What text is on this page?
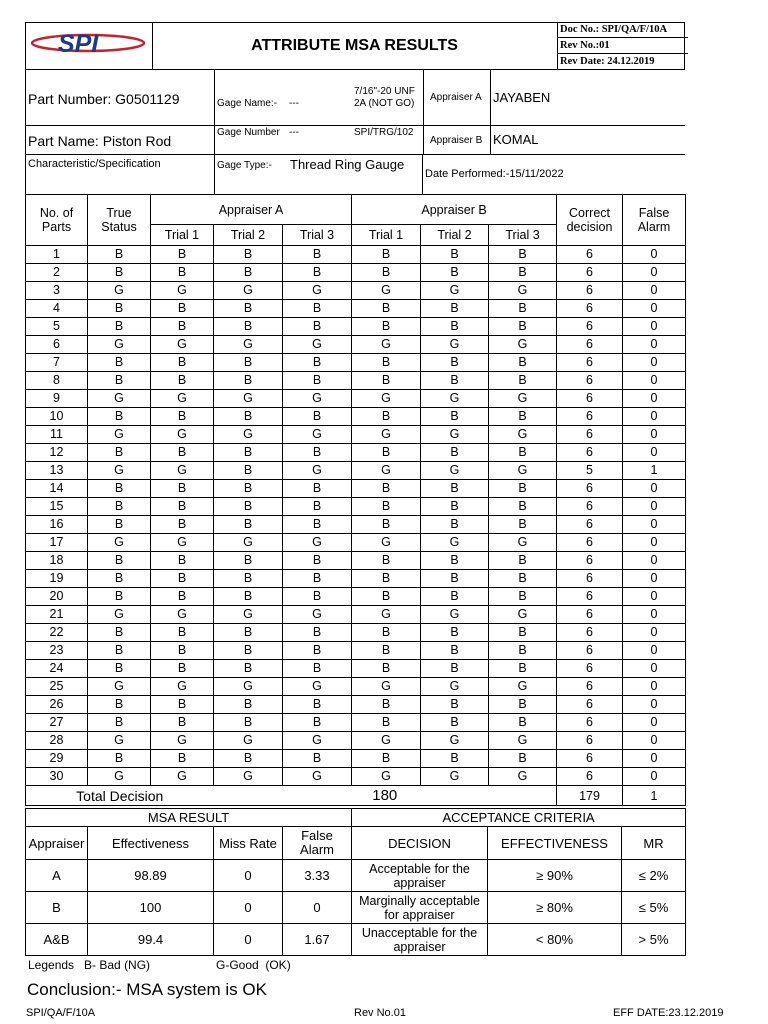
SPI	ATTRIBUTE MSA RESULTS
Doc No.: SPI/QA/F/10A
Rev No.:01
Rev Date: 24.12.2019
Part Number: G0501129	Gage Name:- ---
7/16"-20 UNF
2A (NOT GO)
Appraiser A JAYABEN
Part Name: Piston Rod
Gage Number ---	SPI/TRG/102
Appraiser B KOMAL
Characteristic/Specification	Gage Type:- Thread Ring Gauge
Date Performed:-15/11/2022
No. of Parts	True Status	Appraiser A			Appraiser B			Correct decision	False Alarm
		Trial 1	Trial 2	Trial 3	Trial 1	Trial 2	Trial 3		
1	B	B	B	B	B	B	B	6	0
2	B	B	B	B	B	B	B	6	0
3	G	G	G	G	G	G	G	6	0
4	B	B	B	B	B	B	B	6	0
5	B	B	B	B	B	B	B	6	0
6	G	G	G	G	G	G	G	6	0
7	B	B	B	B	B	B	B	6	0
8	B	B	B	B	B	B	B	6	0
9	G	G	G	G	G	G	G	6	0
10	B	B	B	B	B	B	B	6	0
11	G	G	G	G	G	G	G	6	0
12	B	B	B	B	B	B	B	6	0
13	G	G	B	G	G	G	G	5	1
14	B	B	B	B	B	B	B	6	0
15	B	B	B	B	B	B	B	6	0
16	B	B	B	B	B	B	B	6	0
17	G	G	G	G	G	G	G	6	0
18	B	B	B	B	B	B	B	6	0
19	B	B	B	B	B	B	B	6	0
20	B	B	B	B	B	B	B	6	0
21	G	G	G	G	G	G	G	6	0
22	B	B	B	B	B	B	B	6	0
23	B	B	B	B	B	B	B	6	0
24	B	B	B	B	B	B	B	6	0
25	G	G	G	G	G	G	G	6	0
26	B	B	B	B	B	B	B	6	0
27	B	B	B	B	B	B	B	6	0
28	G	G	G	G	G	G	G	6	0
29	B	B	B	B	B	B	B	6	0
30	G	G	G	G	G	G	G	6	0
Total Decision			180					179	1
MSA RESULT				ACCEPTANCE CRITERIA		
Appraiser	Effectiveness	Miss Rate	False Alarm	DECISION	EFFECTIVENESS	MR
A	98.89	0	3.33	Acceptable for the appraiser	≥ 90%	≤ 2%
B	100	0	0	Marginally acceptable for appraiser	≥ 80%	≤ 5%
A&B	99.4	0	1.67	Unacceptable for the appraiser	< 80%	> 5%
Legends   B- Bad (NG)	G-Good  (OK)
Conclusion:- MSA system is OK
SPI/QA/F/10A	Rev No.01	EFF DATE:23.12.2019
